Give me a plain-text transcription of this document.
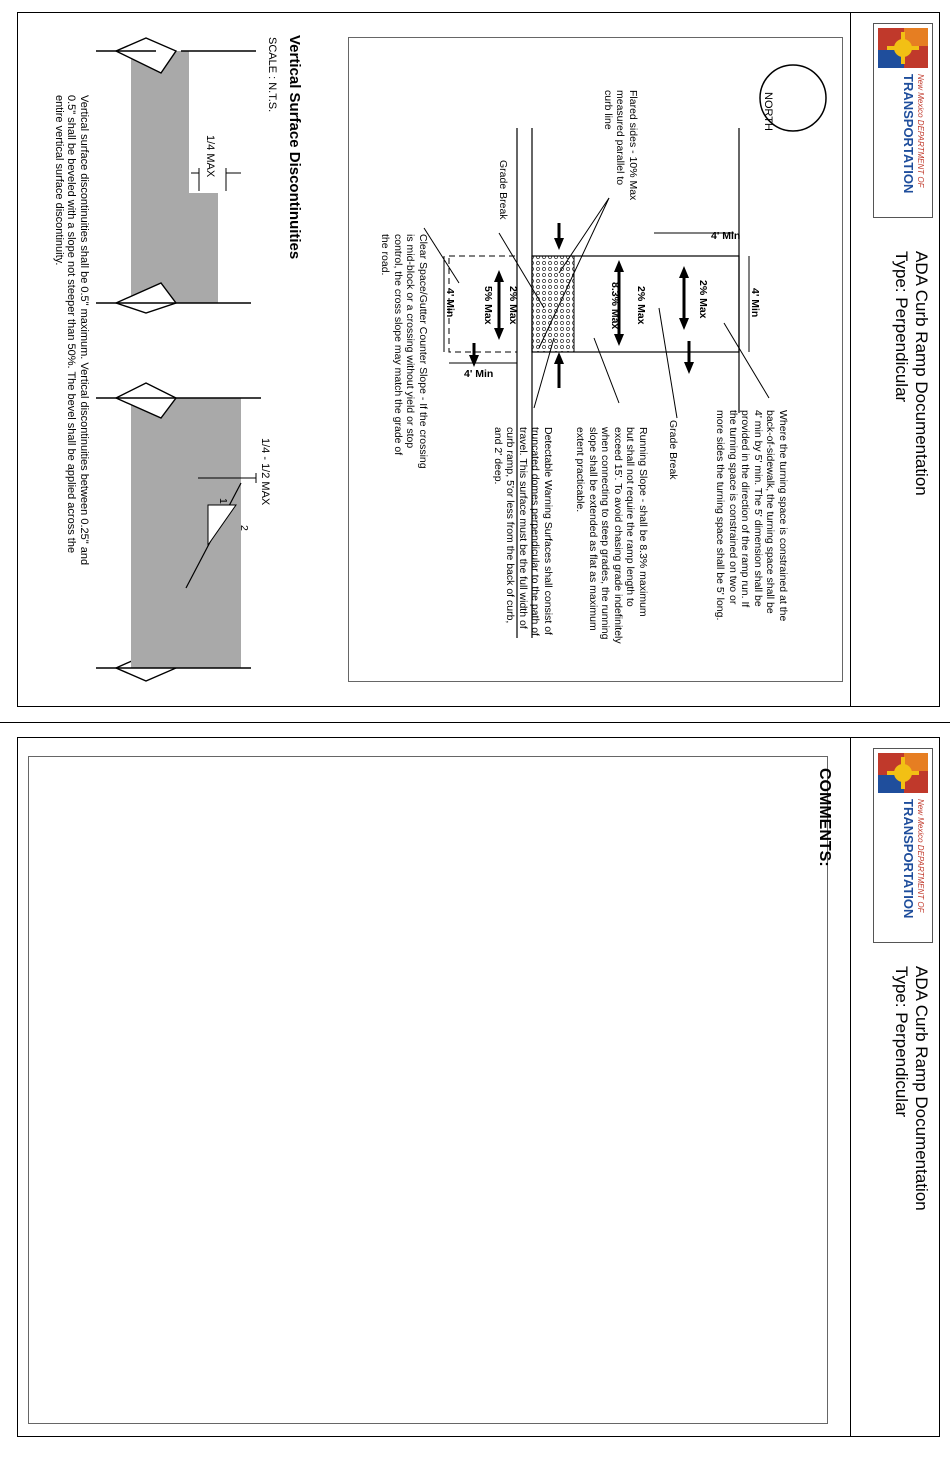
New Mexico DEPARTMENT OF
TRANSPORTATION
ADA Curb Ramp Documentation
Type: Perpendicular
NORTH
Where the turning space is constrained at the
back-of-sidewalk, the turning space shall be
4' min by 5' min. The 5' dimension shall be
provided in the direction of the ramp run. If
the turning space is constrained on two or
more sides the turning space shall be 5' long.
Grade Break
Running Slope - shall be 8.3% maximum
but shall not require the ramp length to
exceed 15'. To avoid chasing grade indefinitely
when connecting to steep grades, the running
slope shall be extended as flat as maximum
extent practicable.
Detectable Warning Surfaces shall consist of
truncated domes perpendicular to the path of
travel. This surface must be the full width of
curb ramp, 5'or less from the back of curb,
and 2' deep.
Flared sides - 10% Max
measured parallel to
curb line
Grade Break
Clear Space/Gutter Counter Slope - If the crossing
is mid-block or a crossing without yield or stop
control, the cross slope may match the grade of
the road.	4' Min
4' Min
2% Max
2% Max
8.3% Max
2% Max
5% Max
4' Min
4' Min
Vertical Surface Discontinuities
SCALE : N.T.S.
1/4 MAX
1/4 - 1/2 MAX
1
2
Vertical surface discontinuities shall be 0.5" maximum. Vertical discontinuities between 0.25" and
0.5" shall be beveled with a slope not steeper than 50%. The bevel shall be applied across the
entire vertical surface discontinuity.
New Mexico DEPARTMENT OF
TRANSPORTATION
ADA Curb Ramp Documentation
Type: Perpendicular
COMMENTS:
